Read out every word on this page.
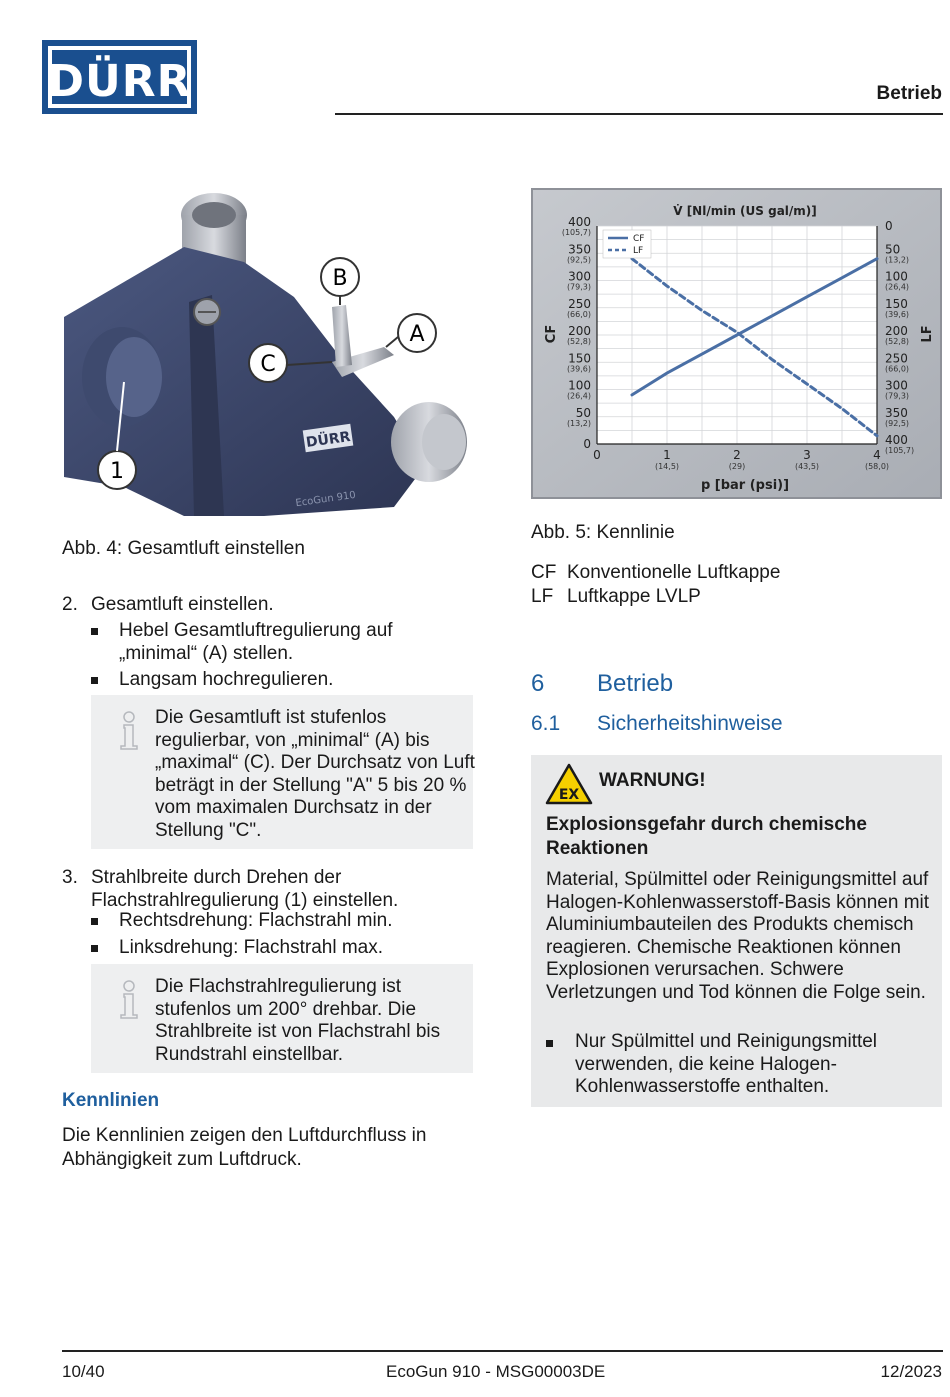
DÜRR	Betrieb
DÜRR
EcoGun 910
B
A
C
1
Abb. 4: Gesamtluft einstellen
2. Gesamtluft einstellen.
Hebel Gesamtluftregulierung auf „minimal“ (A) stellen.
Langsam hochregulieren.
Die Gesamtluft ist stufenlos regulierbar, von „minimal“ (A) bis „maximal“ (C). Der Durchsatz von Luft beträgt in der Stellung "A" 5 bis 20 % vom maximalen Durchsatz in der Stellung "C".
3. Strahlbreite durch Drehen der Flachstrahlregulierung (1) einstellen.
Rechtsdrehung: Flachstrahl min.
Linksdrehung: Flachstrahl max.
Die Flachstrahlregulierung ist stufenlos um 200° drehbar. Die Strahlbreite ist von Flachstrahl bis Rundstrahl einstellbar.
Kennlinien
Die Kennlinien zeigen den Luftdurchfluss in Abhängigkeit zum Luftdruck.
0	1
(14,5)
2
(29)
3
(43,5)
4
(58,0)
0
50
(13,2)
100
(26,4)
150
(39,6)
200
(52,8)
250
(66,0)
300
(79,3)
350
(92,5)
400
(105,7)	0
50
(13,2)
100
(26,4)
150
(39,6)
200
(52,8)
250
(66,0)
300
(79,3)
350
(92,5)
400
(105,7)
V̇ [Nl/min (US gal/m)]
p [bar (psi)]
CF	LF
CF
LF
Abb. 5: Kennlinie
CF Konventionelle Luftkappe
LF Luftkappe LVLP
6 Betrieb
6.1 Sicherheitshinweise
EX
WARNUNG!
Explosionsgefahr durch chemische Reaktionen
Material, Spülmittel oder Reinigungsmittel auf Halogen-Kohlenwasserstoff-Basis können mit Aluminiumbauteilen des Produkts chemisch reagieren. Chemische Reaktionen können Explosionen verursachen. Schwere Verletzungen und Tod können die Folge sein.
Nur Spülmittel und Reinigungsmittel verwenden, die keine Halogen-Kohlenwasserstoffe enthalten.
10/40	EcoGun 910 - MSG00003DE	12/2023
